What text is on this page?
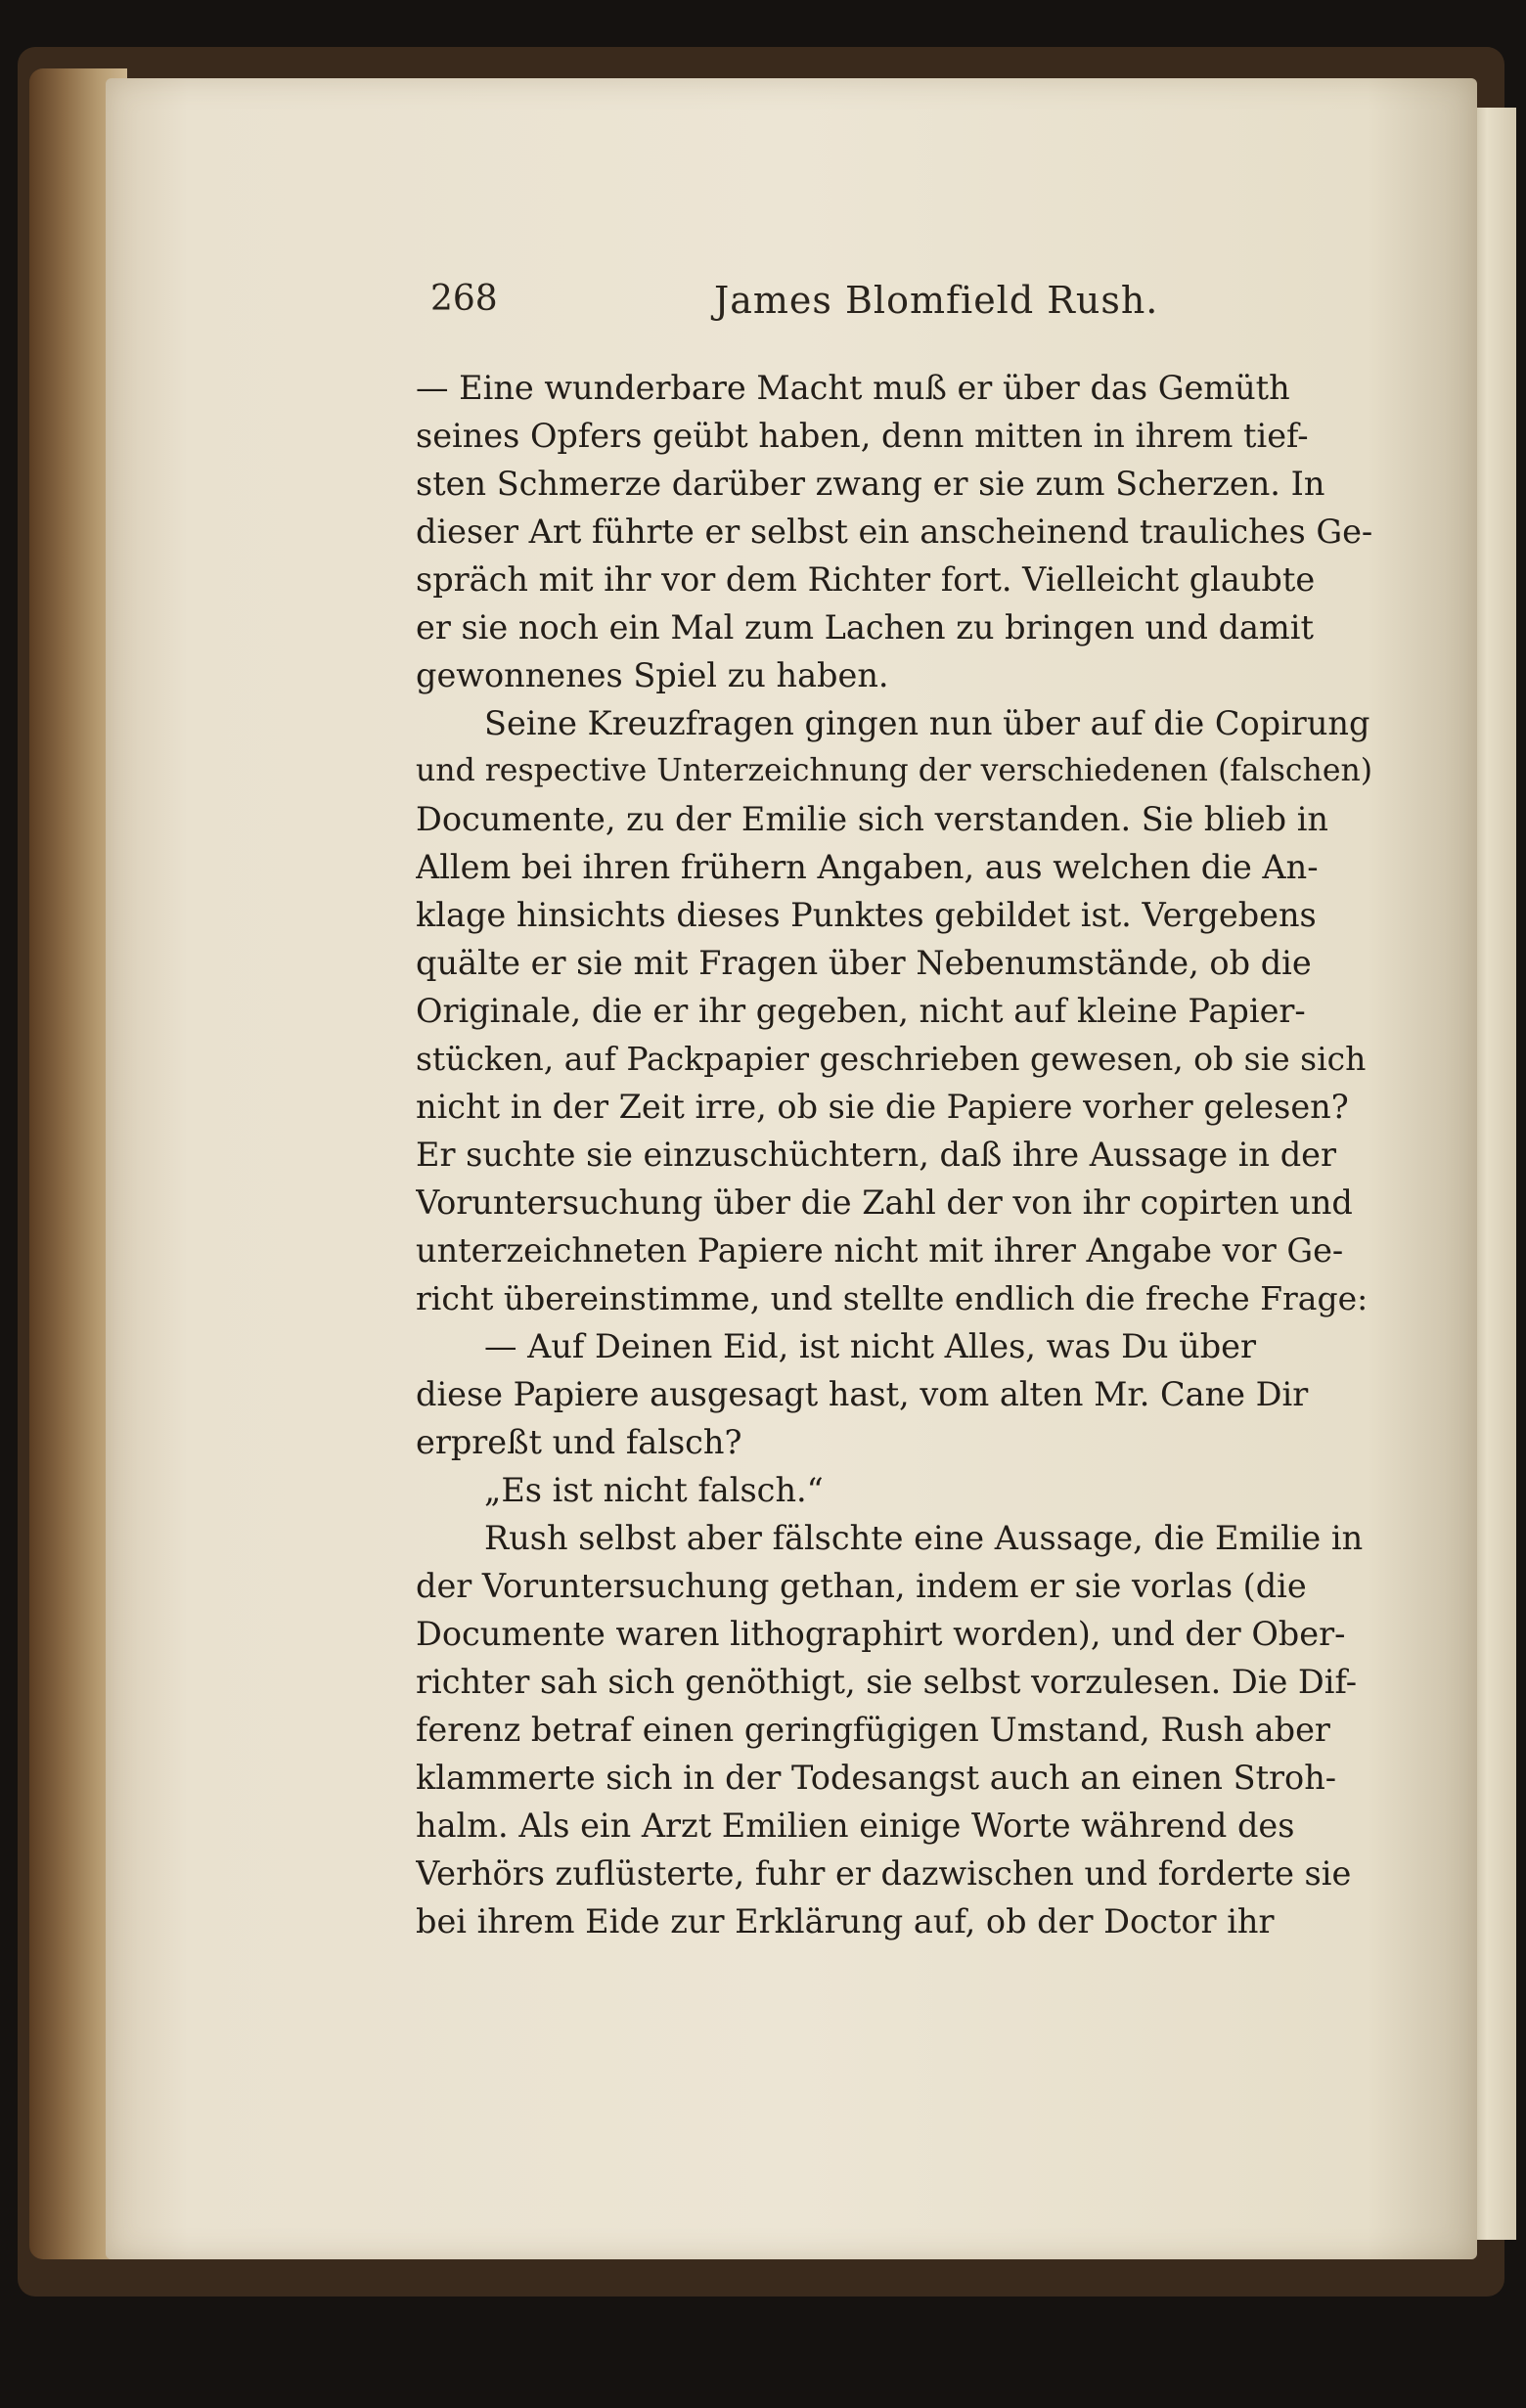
268	James Blomfield Rush.
— Eine wunderbare Macht muß er über das Gemüth
seines Opfers geübt haben, denn mitten in ihrem tief-
sten Schmerze darüber zwang er sie zum Scherzen. In
dieser Art führte er selbst ein anscheinend trauliches Ge-
spräch mit ihr vor dem Richter fort. Vielleicht glaubte
er sie noch ein Mal zum Lachen zu bringen und damit
gewonnenes Spiel zu haben.
Seine Kreuzfragen gingen nun über auf die Copirung
und respective Unterzeichnung der verschiedenen (falschen)
Documente, zu der Emilie sich verstanden. Sie blieb in
Allem bei ihren frühern Angaben, aus welchen die An-
klage hinsichts dieses Punktes gebildet ist. Vergebens
quälte er sie mit Fragen über Nebenumstände, ob die
Originale, die er ihr gegeben, nicht auf kleine Papier-
stücken, auf Packpapier geschrieben gewesen, ob sie sich
nicht in der Zeit irre, ob sie die Papiere vorher gelesen?
Er suchte sie einzuschüchtern, daß ihre Aussage in der
Voruntersuchung über die Zahl der von ihr copirten und
unterzeichneten Papiere nicht mit ihrer Angabe vor Ge-
richt übereinstimme, und stellte endlich die freche Frage:
— Auf Deinen Eid, ist nicht Alles, was Du über
diese Papiere ausgesagt hast, vom alten Mr. Cane Dir
erpreßt und falsch?
„Es ist nicht falsch.“
Rush selbst aber fälschte eine Aussage, die Emilie in
der Voruntersuchung gethan, indem er sie vorlas (die
Documente waren lithographirt worden), und der Ober-
richter sah sich genöthigt, sie selbst vorzulesen. Die Dif-
ferenz betraf einen geringfügigen Umstand, Rush aber
klammerte sich in der Todesangst auch an einen Stroh-
halm. Als ein Arzt Emilien einige Worte während des
Verhörs zuflüsterte, fuhr er dazwischen und forderte sie
bei ihrem Eide zur Erklärung auf, ob der Doctor ihr
